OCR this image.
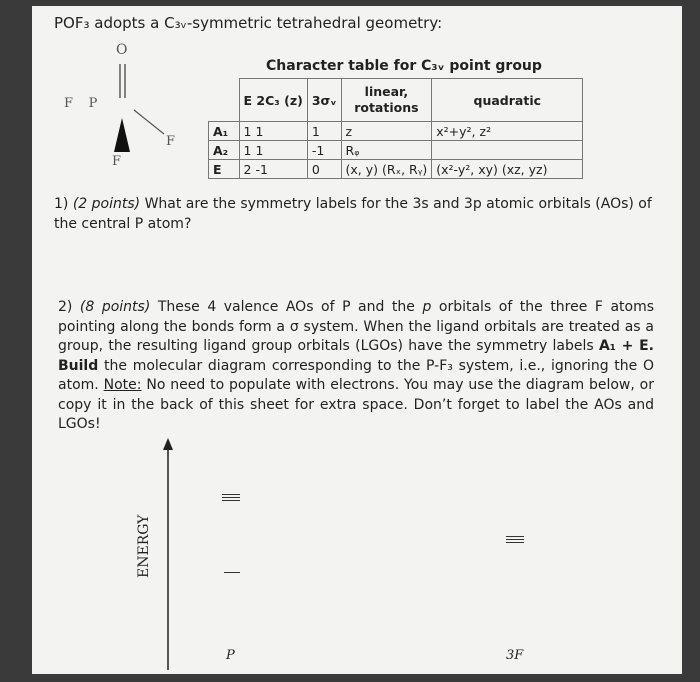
POF₃ adopts a C₃ᵥ-symmetric tetrahedral geometry:
O
F      P
F
F
Character table for C₃ᵥ point group
	E 2C₃ (z)	3σᵥ	linear, rotations	quadratic
A₁	1 1	1	z	x²+y², z²
A₂	1 1	-1	Rᵩ	
E	2 -1	0	(x, y) (Rₓ, Rᵧ)	(x²-y², xy) (xz, yz)
1) (2 points) What are the symmetry labels for the 3s and 3p atomic orbitals (AOs) of the central P atom?
2) (8 points) These 4 valence AOs of P and the p orbitals of the three F atoms pointing along the bonds form a σ system. When the ligand orbitals are treated as a group, the resulting ligand group orbitals (LGOs) have the symmetry labels A₁ + E. Build the molecular diagram corresponding to the P-F₃ system, i.e., ignoring the O atom. Note: No need to populate with electrons. You may use the diagram below, or copy it in the back of this sheet for extra space. Don’t forget to label the AOs and LGOs!
ENERGY
P	3F
